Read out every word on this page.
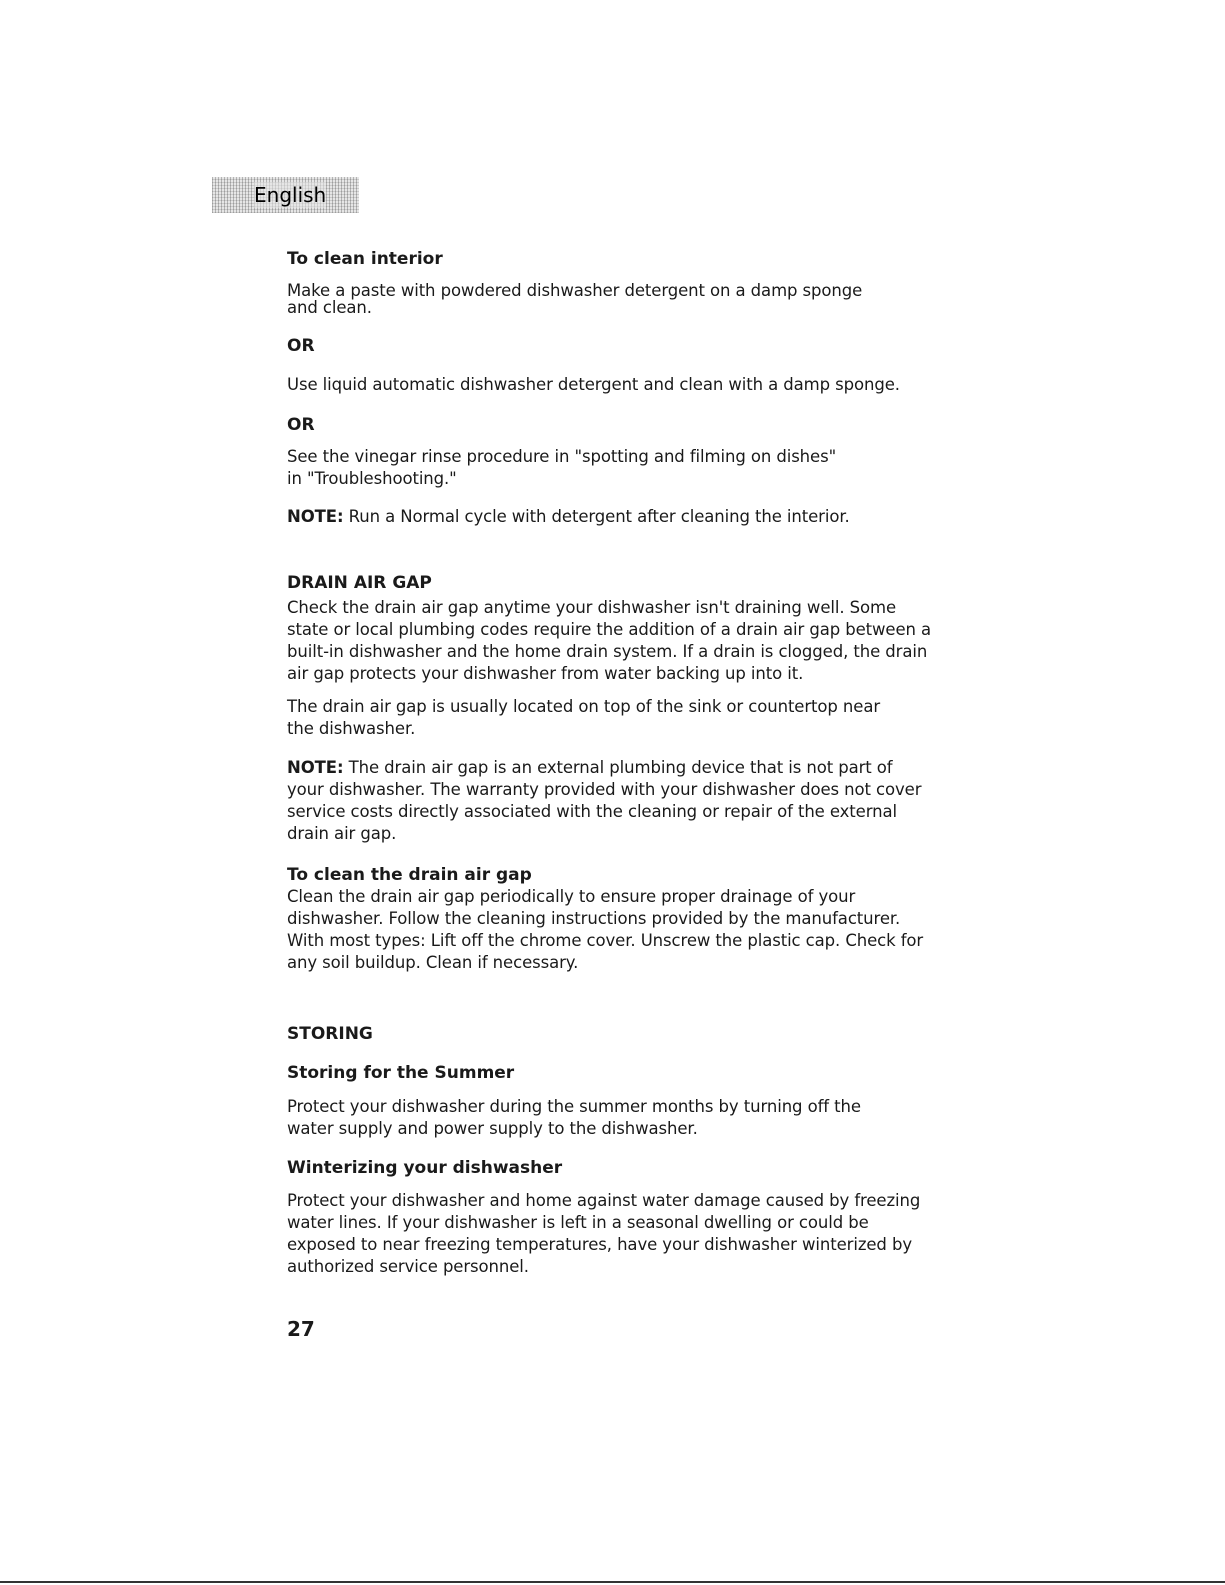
English
To clean interior

Make a paste with powdered dishwasher detergent on a damp sponge and clean.

OR

Use liquid automatic dishwasher detergent and clean with a damp sponge.

OR

See the vinegar rinse procedure in "spotting and filming on dishes" in "Troubleshooting."

NOTE: Run a Normal cycle with detergent after cleaning the interior.

DRAIN AIR GAP

Check the drain air gap anytime your dishwasher isn't draining well. Some state or local plumbing codes require the addition of a drain air gap between a built-in dishwasher and the home drain system. If a drain is clogged, the drain air gap protects your dishwasher from water backing up into it.

The drain air gap is usually located on top of the sink or countertop near the dishwasher.

NOTE: The drain air gap is an external plumbing device that is not part of your dishwasher. The warranty provided with your dishwasher does not cover service costs directly associated with the cleaning or repair of the external drain air gap.

To clean the drain air gap

Clean the drain air gap periodically to ensure proper drainage of your dishwasher. Follow the cleaning instructions provided by the manufacturer. With most types: Lift off the chrome cover. Unscrew the plastic cap. Check for any soil buildup. Clean if necessary.

STORING
Storing for the Summer

Protect your dishwasher during the summer months by turning off the water supply and power supply to the dishwasher.

Winterizing your dishwasher

Protect your dishwasher and home against water damage caused by freezing water lines. If your dishwasher is left in a seasonal dwelling or could be exposed to near freezing temperatures, have your dishwasher winterized by authorized service personnel.

27
